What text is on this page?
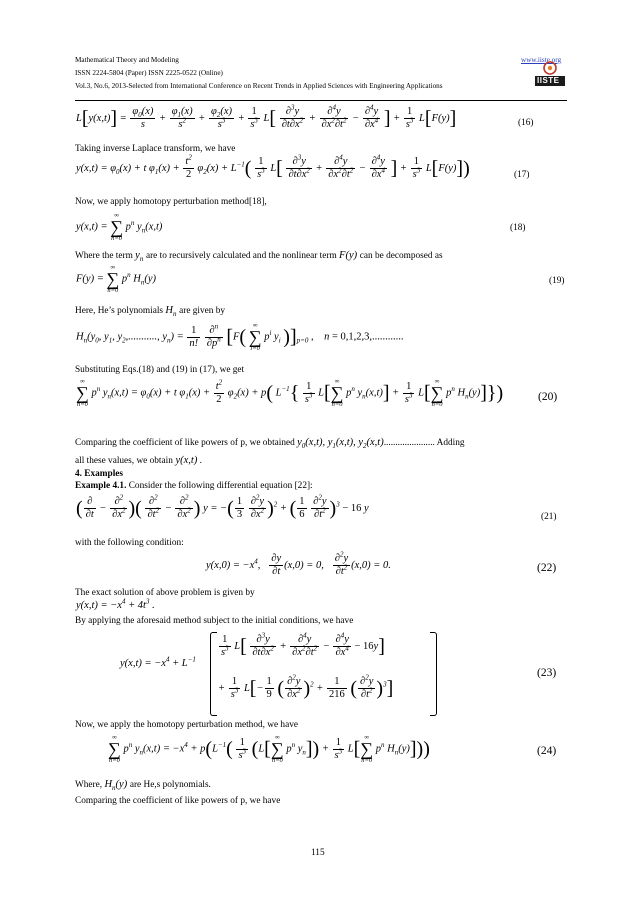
Mathematical Theory and Modeling	www.iiste.org
ISSN 2224-5804 (Paper) ISSN 2225-0522 (Online)
Vol.3, No.6, 2013-Selected from International Conference on Recent Trends in Applied Sciences with Engineering Applications
IISTE
$L[y(x,t)] = \frac{\varphi_0(x)}{s} + \frac{\varphi_1(x)}{s^2} + \frac{\varphi_2(x)}{s^3} + \frac{1}{s^3} L[ \frac{\partial^3y}{\partial t\partial x^2} + \frac{\partial^4y}{\partial x^2\partial t^2} - \frac{\partial^4y}{\partial x^4}$ ] + $\frac{1}{s^3} L[F(y)]$	(16)
Taking inverse Laplace transform, we have
$y(x,t) = \varphi_0(x) + t$ $\varphi_1(x) + \frac{t^2}{2} \varphi_2(x) + L^{-1}( \frac{1}{s^3} L[ \frac{\partial^3y}{\partial t\partial x^2} + \frac{\partial^4y}{\partial x^2\partial t^2} - \frac{\partial^4y}{\partial x^4}$ ] + $\frac{1}{s^3} L[F(y)]$)	(17)
Now, we apply homotopy perturbation method[18],
y(x,t) =
∞
∑
n=0
$p^n$ $y_n(x,t)$	(18)
Where the term $y_n$ are to recursively calculated and the nonlinear term F(y) can be decomposed as
F(y) =
∞
∑
n=0
$p^n$ $H_n(y)$	(19)
Here, He’s polynomials $H_n$ are given by
$H_n(y_0$, $y_1$, $y_2$,..........., $y_n) = \frac{1}{n!}$
$\frac{\partial^n}{\partial p^n} [F$(
∞
∑
i=0
$p^i$ $y_i$ )]$_{p=0}$ ,    n = 0,1,2,3,............
Substituting Eqs.(18) and (19) in (17), we get
∞
∑
n=0
$p^n$ $y_n(x,t) = \varphi_0(x) + t$ $\varphi_1(x) + \frac{t^2}{2} \varphi_2(x) + p$( $L^{-1}\{ \frac{1}{s^3} L$[
∞
∑
n=0
$p^n$ $y_n(x,t)] + \frac{1}{s^3} L$[
∞
∑
n=0
$p^n$ $H_n(y)$]})	(20)
Comparing the coefficient of like powers of p, we obtained $y_0(x,t)$, $y_1(x,t)$, $y_2(x,t)$...................... Adding
all these values, we obtain y(x,t) .
4. Examples
Example 4.1. Consider the following differential equation [22]:
( $\frac{\partial}{\partial t} - \frac{\partial^2}{\partial x^2}$ )( $\frac{\partial^2}{\partial t^2} - \frac{\partial^2}{\partial x^2}$ ) y = −( $\frac{1}{3}$
$\frac{\partial^2y}{\partial x^2} )^2$ + ( $\frac{1}{6}$
$\frac{\partial^2y}{\partial t^2} )^3 - 16$ y
(21)
with the following condition:
$y(x,0) = -x^4$, $\frac{\partial y}{\partial t} (x,0) = 0$, $\frac{\partial^2y}{\partial t^2} (x,0) = 0$.	(22)
The exact solution of above problem is given by
$y(x,t) = -x^4 + 4t^3$ .
By applying the aforesaid method subject to the initial conditions, we have
$y(x,t) = -x^4 + L^{-1}$
$\frac{1}{s^3} L[ \frac{\partial^3y}{\partial t\partial x^2} + \frac{\partial^4y}{\partial x^2\partial t^2} - \frac{\partial^4y}{\partial x^4} - 16y]$
+ $\frac{1}{s^3} L[- \frac{1}{9}$ ( $\frac{\partial^2y}{\partial x^2} )^2 + \frac{1}{216}$ ( $\frac{\partial^2y}{\partial t^2} )^3$]
(23)
Now, we apply the homotopy perturbation method, we have
∞
∑
n=0
$p^n$ $y_n(x,t) = -x^4 + p(L^{-1}( \frac{1}{s^3} (L$[
∞
∑
n=0
$p^n$ $y_n]) + \frac{1}{s^3} L$[
∞
∑
n=0
$p^n$ $H_n(y)$]))	(24)
Where, $H_n(y)$ are He,s polynomials.
Comparing the coefficient of like powers of p, we have
115
